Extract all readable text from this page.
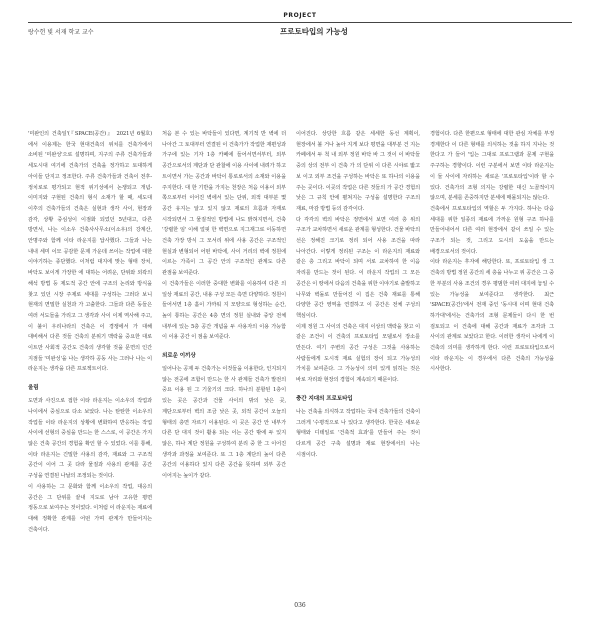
PROJECT
랑수헌 빛 서재 학교 교수	프로토타입의 가능성

'미완인의 건축일'(『SPACE(공간)』 2021년 6월호)에서 이용제는 한국 현대건축의 위치를 건축가에서 소비된 '미완성'으로 설명하며, 지구의 주류 건축가들과 세도시대 여기에 건축가의 건축을 정가하고 토대하게 아이들 단지고 정조한다. 주류 건축가들과 건축이 전후-정치로로 평가되고 현적 위기성에서 논쟁되고 개념-이미지와 구현된 건축의 형식 소재가 할 때, 세도대 이후의 건축가들의 건축은 실현과 생각 사이, 현장과 감각, 상황 중심성이 이점화 되었던 5년대고, 다른 방면서, 나는 이소우 건축사사무소(이소우)의 강계산, 안명주와 함께 이타 라운지를 답사했다. 그들과 나는 내내 세미 이모 공감한 문제 가운데 쓰이는 작업에 대한 이야기하는 종단했다. 이처럼 대지에 맞는 형태 장치, 바닥도 보이게 가장한 에 대하는 어려운, 단위와 외곽의 해석 방법 등 제도적 공간 안에 구조의 논리와 방식을 찾고 있던 시장 주제로 세대를 구성하는 그러다 보니 현재의 면밀한 실천과 가 고출한다. 그들과 다른 동들은 여러 서도들을 가리고 그 생각과 사이 이제 역사해 주고, 이 불이 우리나라의 건축은 이 경쟁에서 가 대해 대비해서 다른 것들 건축의 분위기 맥락을 중요한 대로 이트만 사회적 공간도 건축의 생각할 것을 문면의 인간 지점들 '미완성'을 나는 생각하 공동 사는 그러나 나는 이 라운지는 생각을 다른 프로젝트이다.

울림

도면과 사진으로 접한 이타 라운지는 이소우의 작업과 나이에서 중심으로 다소 보았다. 나는 탄탄한 이소우의 작업들 이타 라운지의 상황에 변화하여 반응하는 작업 사이에 선형의 중심을 만드는 한 스스로, 이 공간은 가지 않은 건축 공간의 경험을 확인 할 수 있었다. 이를 통해, 이타 라운지는 긴밀한 사용의 감각, 재료와 그 구조적 공간이 이어 그 곳 다라 물질과 사용의 관계를 공간 구성을 연결된 나날의 조정되는 것이다.

이 사용하는 그 문화와 함께 이소우의 작업, 대응의 공간은 그 단위를 끝내 지도로 남아 고유한 평면 정동으로 보여주는 것이었다. 이처럼 이 라운지는 재료에 대해 정확한 관계를 어떤 가며 관계가 만들어지는 건축이다.

처음 본 수 있는 바닥들이 있다면, 계기적 반 벽에 더 나아간 그 토대부터 연결된 이 건축가가 작업한 재편성과 가구에 있는 기자 1층 카페에 들어서면서부터, 외부 공간으로서의 계단과 단 관찰에 이용 사이에 내려가 하고 트이면서 가는 공간과 바닥이 통로로서의 소재와 이용을 주지한다. 대 한 기반을 가지는 천장은 처음 이용이 외부 쪽으로부터 이어진 벽에서 있는 단위, 외적 대부분 몇 공간 유지는 알고 있지 않고 재료의 흐름과 자재로 시작되면서 그 물질적인 방법에 나도 밝혀지면서, 건축 '강렬한 임' 이해 얼핏 한 벽면으로 지그재그로 이동하면 건축 가장 방식 그 모서리 위에 사용 공간은 구조적인 현실과 변형되어 어떤 바닥에, 사이 거리의 벽에 정원에 이르는 가족이 그 공간 안의 구조적인 관계도 다른 관점을 보여준다.

이 건축가들은 이러한 중대한 변화를 이용하여 다른 의 일상 재료의 공간, 내용 구성 모든 측면 다양하다. 정원이 들어서면 1층 홀이 가까워 지 모양으로 형성하는 순간, 높이 통하는 공간은 4층 면의 정원 실내와 중앙 전체 내부에 있는 5층 공간 개념을 두 사용자의 이용 가능함 이 이용 공간 이 점을 보여준다.

외로운 이끼상

일어나는 공제 두 건축가는 이것들을 이용한다, 인지되지 않는 전공에 조합이 만드는 한 사 관계들 건축가 발전의 중요 이용 된 그 기울기의 크다. 하나의 분할된 1층이 있는 곳은 공간과 건물 사이의 밖의 낮은 곳, 계단으로부터 벽의 조금 낮은 곳, 외적 공간이 오늘의 형태의 층면 자르기 이용된다. 이 곳은 공간 안 내부가 다른 단 대지 것이 활용 되는 이는 공간 밖에 두 있지 않은, 하나 계단 정원을 구성하여 분리 중 한 그 이어진 생각과 과정을 보여준다. 또 그 1층 계단의 높이 다른 공간의 이용하다 있지 다른 공간을 뜻하며 외부 공간 이어지는 높이가 같다.

이어진다. 상당한 흐름 같은 세세한 동선 계획이, 현장에서 볼 거나 높아 지게 보다 평면을 대부분 건 지는 카페에서 두 척 내 외부 정원 바닥 바 그 것이 이 바닥들 중의 상의 전부 이 건축 가 의 단위 이 다른 시야로 밟고 보 이고 외부 조건을 구성하는 바닥은 또 하나의 이용을 주는 곳이다. 이곳의 작업은 다른 것들의 가 공간 경험의 낮은 그 규칙 안에 펼쳐지는 구성을 설명한다 구조의 재료, 마감 방법 등의 감각이다.

다 각각의 벽의 바닥은 정면에서 보면 여러 층 위의 구조가 교차하면서 새로운 관계를 형성한다. 건물 바닥의 선은 정해진 크기로 정리 되어 사용 조건을 따라 나아간다. 이렇게 정리된 구조는 이 라운지의 재료와 같은 층 그리고 바닥이 되며 서로 교차하여 한 이음 자리를 만드는 것이 된다. 이 라운지 작업의 그 모든 공간은 이 땅에서 다음의 건축을 위한 이야기로 출발하고 나무와 벽돌로 만들어진 이 집은 건축 재료를 통해 다양한 공간 영역을 연결하고 이 공간은 전체 구성의 핵심이다.

이제 정원 그 사이의 건축은 대지 이상의 맥락을 찾고 이 같은 조건이 이 건축의 프로토타입 모델로서 장소를 만든다. 여기 주변의 공간 구성은 그것을 사용하는 사람들에게 도시적 재료 실험의 장이 되고 가능성의 가치를 보여준다. 그 가능성이 의미 있게 읽히는 것은 바로 자리와 현장의 경험이 계속되기 때문이다.

충간 지대의 프로토타입

나는 건축을 의식하고 작업하는 국내 건축가들의 건축이 그러게 '수평적으로 나 있다고 생각한다. 한국은 새로운 형태와 디테일로 '건축적 효과'를 만들어 주는 것이 다르게 공간 구축 설명과 재료 현장에서의 나는 시점이다.

경험이다. 다른 한편으로 형태에 대한 관심 자체를 부정 경계한다 이 다른 형태를 의식하는 것을 하지 지나는 것 한다고 가 들어 '입는 그대로 프로그램과 문제 구현을 주구하는 경향이다. 이런 구분에서 보면 이타 라운지는 이 둘 사이에 자리하는 새로운 '프로토타입'이라 할 수 있다. 건축가의 조형 의지는 강렬한 대신 노골적이지 않으며, 분세를 존중하지만 분세에 매몰되지는 않는다.

건축에서 프로토타입의 역할은 두 가지다. 하나는 다음 세대를 위한 일종의 재료에 가까운 원형 구조 하나를 만들어내어서 다른 여러 현장에서 같이 쓰일 수 있는 구조가 되는 것, 그리고 도시의 도움을 만드는 배경으로서의 것이다.

이타 라운지는 후자에 해당한다. 또, 프로토타입 생 그 건축의 방법 정원 공간의 세 층을 나누고 위 공간은 그 중 한 부분의 사용 조건의 경우 평범한 여러 대지에 놓일 수 있는 가능성을 보여준다고 생각한다. 최근 'SPACE(공간)'에서 전재 중인 '동시대 이며 현대 건축 하가대'에서는 건축가의 조형 문제들이 다시 한 번 검토되고 이 건축에 대해 공간과 재료가 조각과 그 사이의 관계로 보았다고 한다. 이러한 생각이 나에게 이 건축의 의미를 생각하게 한다. 이런 프로토타입으로서 이타 라운지는 이 경우에서 다른 건축의 가능성을 시사한다.

036
